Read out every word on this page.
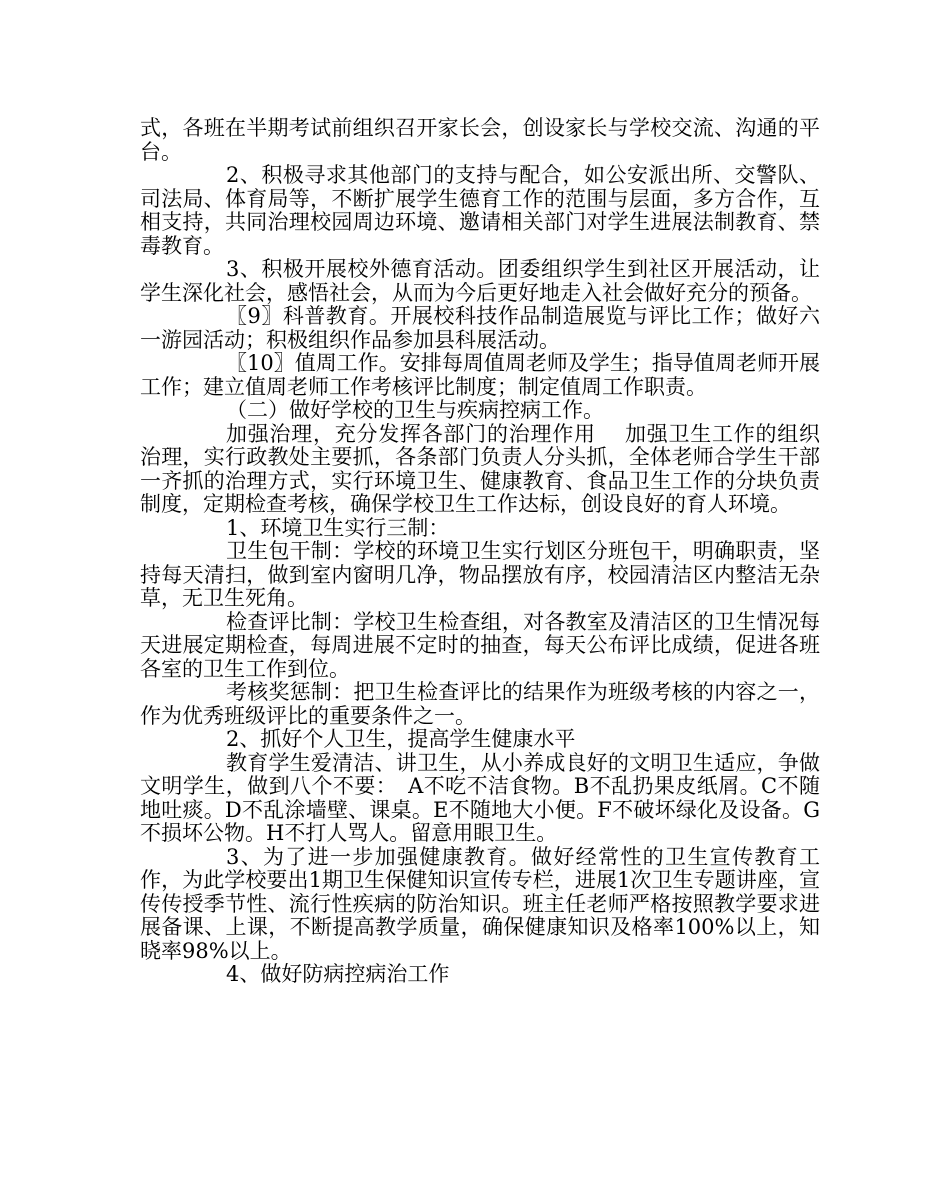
式，各班在半期考试前组织召开家长会，创设家长与学校交流、沟通的平台。

2、积极寻求其他部门的支持与配合，如公安派出所、交警队、司法局、体育局等，不断扩展学生德育工作的范围与层面，多方合作，互相支持，共同治理校园周边环境、邀请相关部门对学生进展法制教育、禁毒教育。

3、积极开展校外德育活动。团委组织学生到社区开展活动，让学生深化社会，感悟社会，从而为今后更好地走入社会做好充分的预备。

〖9〗科普教育。开展校科技作品制造展览与评比工作；做好六一游园活动；积极组织作品参加县科展活动。

〖10〗值周工作。安排每周值周老师及学生；指导值周老师开展工作；建立值周老师工作考核评比制度；制定值周工作职责。

（二）做好学校的卫生与疾病控病工作。

加强治理，充分发挥各部门的治理作用　 加强卫生工作的组织治理，实行政教处主要抓，各条部门负责人分头抓，全体老师合学生干部一齐抓的治理方式，实行环境卫生、健康教育、食品卫生工作的分块负责制度，定期检查考核，确保学校卫生工作达标，创设良好的育人环境。

1、环境卫生实行三制：

卫生包干制：学校的环境卫生实行划区分班包干，明确职责，坚持每天清扫，做到室内窗明几净，物品摆放有序，校园清洁区内整洁无杂草，无卫生死角。

检查评比制：学校卫生检查组，对各教室及清洁区的卫生情况每天进展定期检查，每周进展不定时的抽查，每天公布评比成绩，促进各班各室的卫生工作到位。

考核奖惩制：把卫生检查评比的结果作为班级考核的内容之一，作为优秀班级评比的重要条件之一。

2、抓好个人卫生，提高学生健康水平

教育学生爱清洁、讲卫生，从小养成良好的文明卫生适应，争做文明学生，做到八个不要：　A不吃不洁食物。B不乱扔果皮纸屑。C不随地吐痰。D不乱涂墙壁、课桌。E不随地大小便。F不破坏绿化及设备。G不损坏公物。H不打人骂人。留意用眼卫生。

3、为了进一步加强健康教育。做好经常性的卫生宣传教育工作，为此学校要出1期卫生保健知识宣传专栏，进展1次卫生专题讲座，宣传传授季节性、流行性疾病的防治知识。班主任老师严格按照教学要求进展备课、上课，不断提高教学质量，确保健康知识及格率100%以上，知晓率98%以上。

4、做好防病控病治工作
